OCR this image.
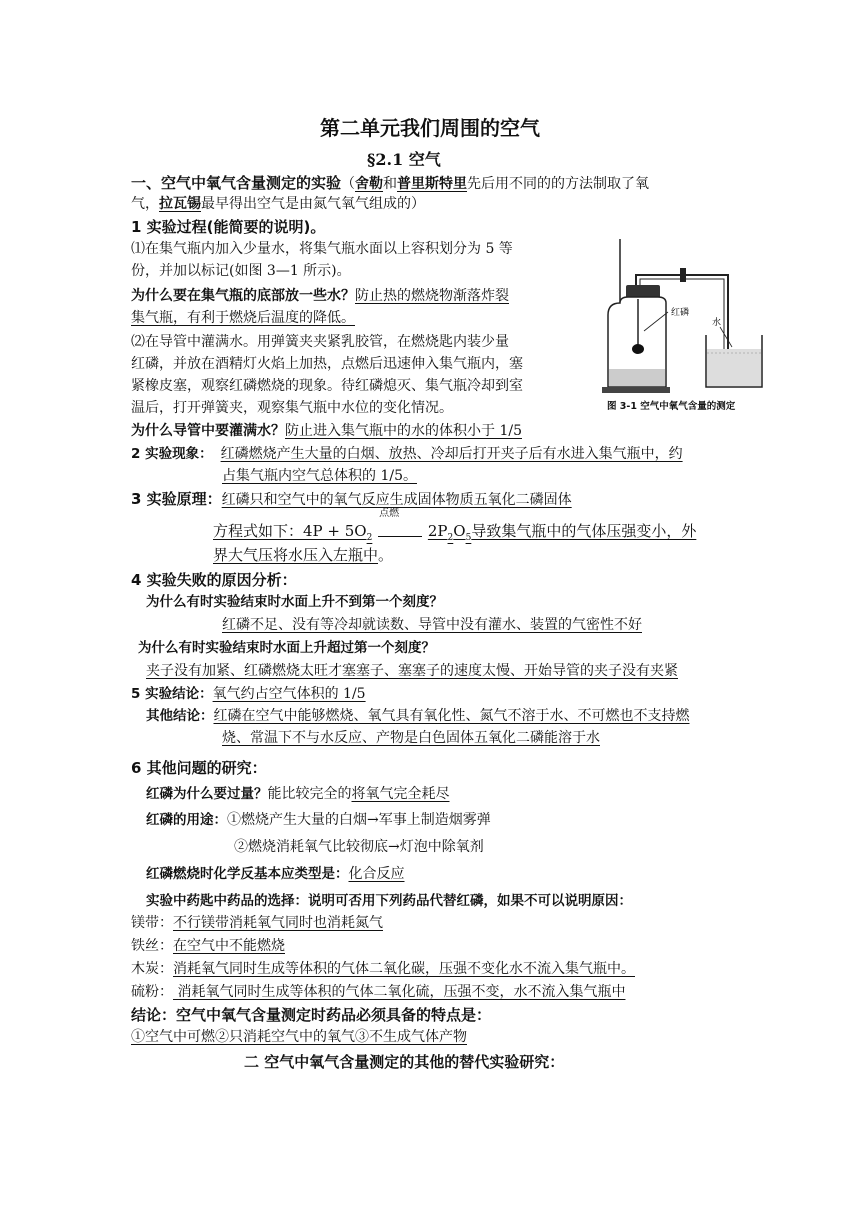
第二单元我们周围的空气
§2.1 空气
一、空气中氧气含量测定的实验（舍勒和普里斯特里先后用不同的的方法制取了氧
气，拉瓦锡最早得出空气是由氮气氧气组成的）
1 实验过程(能简要的说明)。
⑴在集气瓶内加入少量水，将集气瓶水面以上容积划分为 5 等
份，并加以标记(如图 3—1 所示)。
为什么要在集气瓶的底部放一些水？防止热的燃烧物渐落炸裂
集气瓶，有利于燃烧后温度的降低。
⑵在导管中灌满水。用弹簧夹夹紧乳胶管，在燃烧匙内装少量
红磷，并放在酒精灯火焰上加热，点燃后迅速伸入集气瓶内，塞
紧橡皮塞，观察红磷燃烧的现象。待红磷熄灭、集气瓶冷却到室
温后，打开弹簧夹，观察集气瓶中水位的变化情况。
为什么导管中要灌满水？防止进入集气瓶中的水的体积小于 1/5
红磷
水
图 3-1 空气中氧气含量的测定
2 实验现象： 红磷燃烧产生大量的白烟、放热、冷却后打开夹子后有水进入集气瓶中，约
占集气瓶内空气总体积的 1/5。
3 实验原理：红磷只和空气中的氧气反应生成固体物质五氧化二磷固体
方程式如下：$4P + 5O_2$
点燃
$2P_2O_5$导致集气瓶中的气体压强变小，外
界大气压将水压入左瓶中。
4 实验失败的原因分析：
为什么有时实验结束时水面上升不到第一个刻度？
红磷不足、没有等冷却就读数、导管中没有灌水、装置的气密性不好
为什么有时实验结束时水面上升超过第一个刻度？
夹子没有加紧、红磷燃烧太旺才塞塞子、塞塞子的速度太慢、开始导管的夹子没有夹紧
5 实验结论：氧气约占空气体积的 1/5
其他结论：红磷在空气中能够燃烧、氧气具有氧化性、氮气不溶于水、不可燃也不支持燃
烧、常温下不与水反应、产物是白色固体五氧化二磷能溶于水
6 其他问题的研究：
红磷为什么要过量？能比较完全的将氧气完全耗尽
红磷的用途：①燃烧产生大量的白烟→军事上制造烟雾弹
②燃烧消耗氧气比较彻底→灯泡中除氧剂
红磷燃烧时化学反基本应类型是：化合反应
实验中药匙中药品的选择：说明可否用下列药品代替红磷，如果不可以说明原因：
镁带：不行镁带消耗氧气同时也消耗氮气
铁丝：在空气中不能燃烧
木炭：消耗氧气同时生成等体积的气体二氧化碳，压强不变化水不流入集气瓶中。
硫粉： 消耗氧气同时生成等体积的气体二氧化硫，压强不变，水不流入集气瓶中
结论：空气中氧气含量测定时药品必须具备的特点是：
①空气中可燃②只消耗空气中的氧气③不生成气体产物
二 空气中氧气含量测定的其他的替代实验研究：
